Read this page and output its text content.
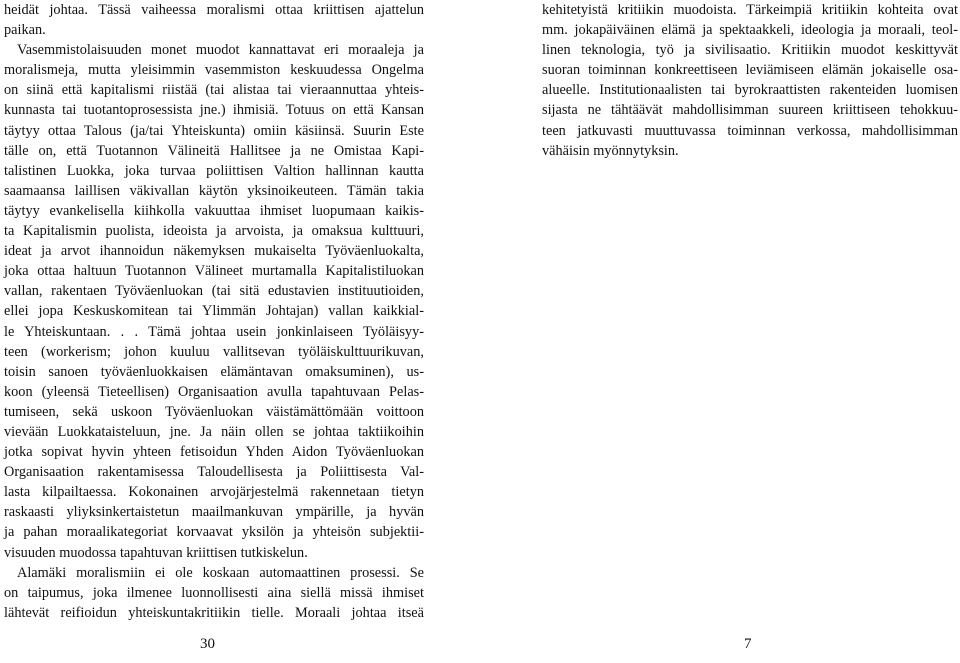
heidät johtaa. Tässä vaiheessa moralismi ottaa kriittisen ajattelun
paikan.
Vasemmistolaisuuden monet muodot kannattavat eri moraaleja ja
moralismeja, mutta yleisimmin vasemmiston keskuudessa Ongelma
on siinä että kapitalismi riistää (tai alistaa tai vieraannuttaa yhteis-
kunnasta tai tuotantoprosessista jne.) ihmisiä. Totuus on että Kansan
täytyy ottaa Talous (ja/tai Yhteiskunta) omiin käsiinsä. Suurin Este
tälle on, että Tuotannon Välineitä Hallitsee ja ne Omistaa Kapi-
talistinen Luokka, joka turvaa poliittisen Valtion hallinnan kautta
saamaansa laillisen väkivallan käytön yksinoikeuteen. Tämän takia
täytyy evankelisella kiihkolla vakuuttaa ihmiset luopumaan kaikis-
ta Kapitalismin puolista, ideoista ja arvoista, ja omaksua kulttuuri,
ideat ja arvot ihannoidun näkemyksen mukaiselta Työväenluokalta,
joka ottaa haltuun Tuotannon Välineet murtamalla Kapitalistiluokan
vallan, rakentaen Työväenluokan (tai sitä edustavien instituutioiden,
ellei jopa Keskuskomitean tai Ylimmän Johtajan) vallan kaikkial-
le Yhteiskuntaan. . . Tämä johtaa usein jonkinlaiseen Työläisyy-
teen (workerism; johon kuuluu vallitsevan työläiskulttuurikuvan,
toisin sanoen työväenluokkaisen elämäntavan omaksuminen), us-
koon (yleensä Tieteellisen) Organisaation avulla tapahtuvaan Pelas-
tumiseen, sekä uskoon Työväenluokan väistämättömään voittoon
vievään Luokkataisteluun, jne. Ja näin ollen se johtaa taktiikoihin
jotka sopivat hyvin yhteen fetisoidun Yhden Aidon Työväenluokan
Organisaation rakentamisessa Taloudellisesta ja Poliittisesta Val-
lasta kilpailtaessa. Kokonainen arvojärjestelmä rakennetaan tietyn
raskaasti yliyksinkertaistetun maailmankuvan ympärille, ja hyvän
ja pahan moraalikategoriat korvaavat yksilön ja yhteisön subjektii-
visuuden muodossa tapahtuvan kriittisen tutkiskelun.
Alamäki moralismiin ei ole koskaan automaattinen prosessi. Se
on taipumus, joka ilmenee luonnollisesti aina siellä missä ihmiset
lähtevät reifioidun yhteiskuntakritiikin tielle. Moraali johtaa itseä
kehitetyistä kritiikin muodoista. Tärkeimpiä kritiikin kohteita ovat
mm. jokapäiväinen elämä ja spektaakkeli, ideologia ja moraali, teol-
linen teknologia, työ ja sivilisaatio. Kritiikin muodot keskittyvät
suoran toiminnan konkreettiseen leviämiseen elämän jokaiselle osa-
alueelle. Institutionaalisten tai byrokraattisten rakenteiden luomisen
sijasta ne tähtäävät mahdollisimman suureen kriittiseen tehokkuu-
teen jatkuvasti muuttuvassa toiminnan verkossa, mahdollisimman
vähäisin myönnytyksin.
30	7
